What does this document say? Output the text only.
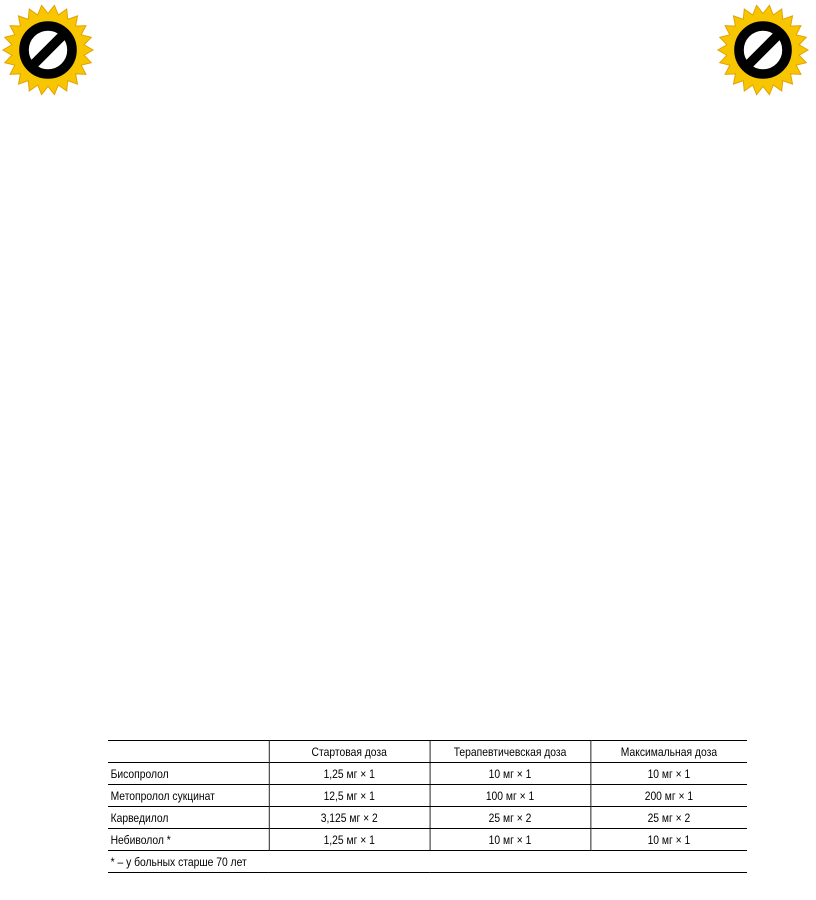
	Стартовая доза	Терапевтичевская доза	Максимальная доза
Бисопролол	1,25 мг × 1	10 мг × 1	10 мг × 1
Метопролол сукцинат	12,5 мг × 1	100 мг × 1	200 мг × 1
Карведилол	3,125 мг × 2	25 мг × 2	25 мг × 2
Небиволол *	1,25 мг × 1	10 мг × 1	10 мг × 1
* – у больных старше 70 лет			
